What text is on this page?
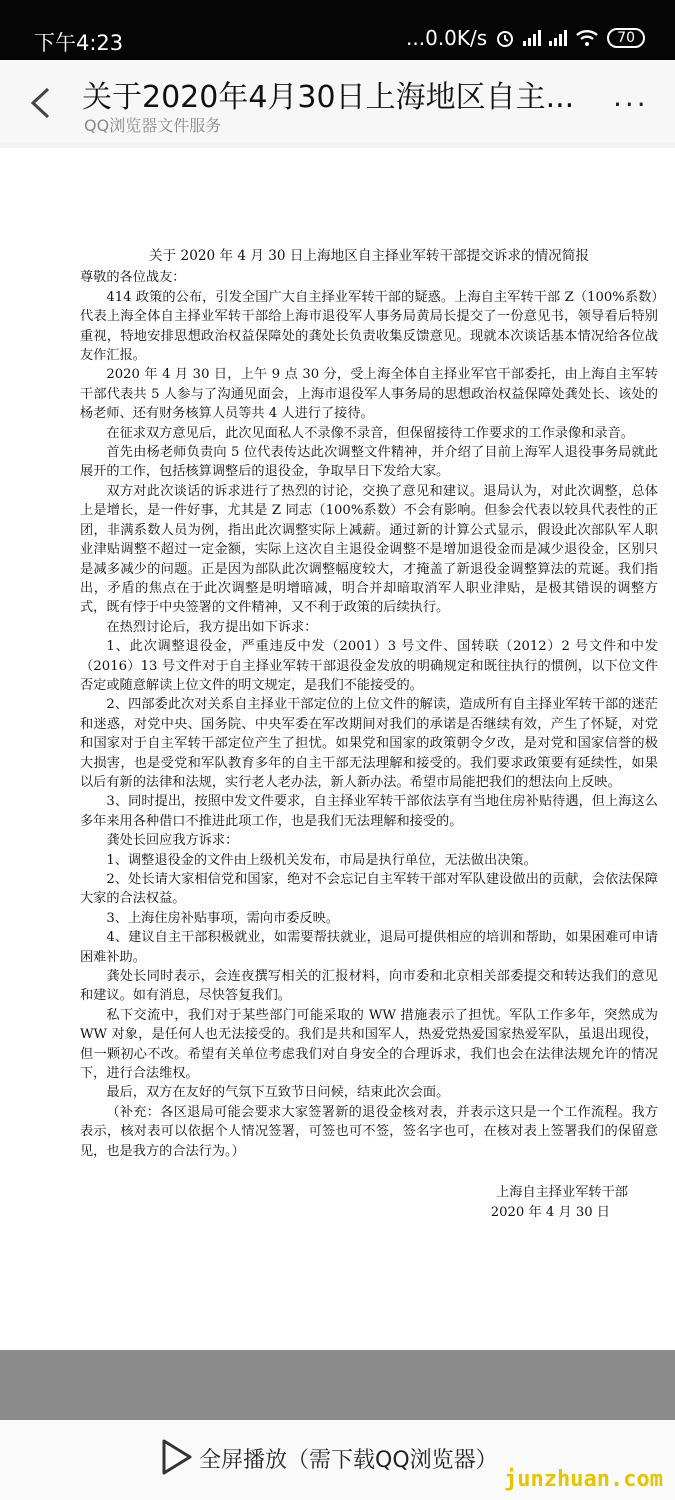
下午4:23	...0.0K/s	70
关于2020年4月30日上海地区自主...
QQ浏览器文件服务
...
关于 2020 年 4 月 30 日上海地区自主择业军转干部提交诉求的情况简报

尊敬的各位战友：

414 政策的公布，引发全国广大自主择业军转干部的疑惑。上海自主军转干部 Z（100%系数）代表上海全体自主择业军转干部给上海市退役军人事务局黄局长提交了一份意见书，领导看后特别重视，特地安排思想政治权益保障处的龚处长负责收集反馈意见。现就本次谈话基本情况给各位战友作汇报。

2020 年 4 月 30 日，上午 9 点 30 分，受上海全体自主择业军官干部委托，由上海自主军转干部代表共 5 人参与了沟通见面会，上海市退役军人事务局的思想政治权益保障处龚处长、该处的杨老师、还有财务核算人员等共 4 人进行了接待。

在征求双方意见后，此次见面私人不录像不录音，但保留接待工作要求的工作录像和录音。

首先由杨老师负责向 5 位代表传达此次调整文件精神，并介绍了目前上海军人退役事务局就此展开的工作，包括核算调整后的退役金，争取早日下发给大家。

双方对此次谈话的诉求进行了热烈的讨论，交换了意见和建议。退局认为，对此次调整，总体上是增长，是一件好事，尤其是 Z 同志（100%系数）不会有影响。但参会代表以较具代表性的正团，非满系数人员为例，指出此次调整实际上减薪。通过新的计算公式显示，假设此次部队军人职业津贴调整不超过一定金额，实际上这次自主退役金调整不是增加退役金而是减少退役金，区别只是减多减少的问题。正是因为部队此次调整幅度较大，才掩盖了新退役金调整算法的荒诞。我们指出，矛盾的焦点在于此次调整是明增暗减，明合并却暗取消军人职业津贴，是极其错误的调整方式，既有悖于中央签署的文件精神，又不利于政策的后续执行。

在热烈讨论后，我方提出如下诉求：

1、此次调整退役金，严重违反中发（2001）3 号文件、国转联（2012）2 号文件和中发（2016）13 号文件对于自主择业军转干部退役金发放的明确规定和既往执行的惯例，以下位文件否定或随意解读上位文件的明文规定，是我们不能接受的。

2、四部委此次对关系自主择业干部定位的上位文件的解读，造成所有自主择业军转干部的迷茫和迷惑，对党中央、国务院、中央军委在军改期间对我们的承诺是否继续有效，产生了怀疑，对党和国家对于自主军转干部定位产生了担忧。如果党和国家的政策朝令夕改，是对党和国家信誉的极大损害，也是受党和军队教育多年的自主干部无法理解和接受的。我们要求政策要有延续性，如果以后有新的法律和法规，实行老人老办法，新人新办法。希望市局能把我们的想法向上反映。

3、同时提出，按照中发文件要求，自主择业军转干部依法享有当地住房补贴待遇，但上海这么多年来用各种借口不推进此项工作，也是我们无法理解和接受的。

龚处长回应我方诉求：

1、调整退役金的文件由上级机关发布，市局是执行单位，无法做出决策。

2、处长请大家相信党和国家，绝对不会忘记自主军转干部对军队建设做出的贡献，会依法保障大家的合法权益。

3、上海住房补贴事项，需向市委反映。

4、建议自主干部积极就业，如需要帮扶就业，退局可提供相应的培训和帮助，如果困难可申请困难补助。

龚处长同时表示，会连夜撰写相关的汇报材料，向市委和北京相关部委提交和转达我们的意见和建议。如有消息，尽快答复我们。

私下交流中，我们对于某些部门可能采取的 WW 措施表示了担忧。军队工作多年，突然成为 WW 对象，是任何人也无法接受的。我们是共和国军人，热爱党热爱国家热爱军队，虽退出现役，但一颗初心不改。希望有关单位考虑我们对自身安全的合理诉求，我们也会在法律法规允许的情况下，进行合法维权。

最后，双方在友好的气氛下互致节日问候，结束此次会面。

（补充：各区退局可能会要求大家签署新的退役金核对表，并表示这只是一个工作流程。我方表示，核对表可以依据个人情况签署，可签也可不签，签名字也可，在核对表上签署我们的保留意见，也是我方的合法行为。）

上海自主择业军转干部
2020 年 4 月 30 日
全屏播放（需下载QQ浏览器）
junzhuan.com
